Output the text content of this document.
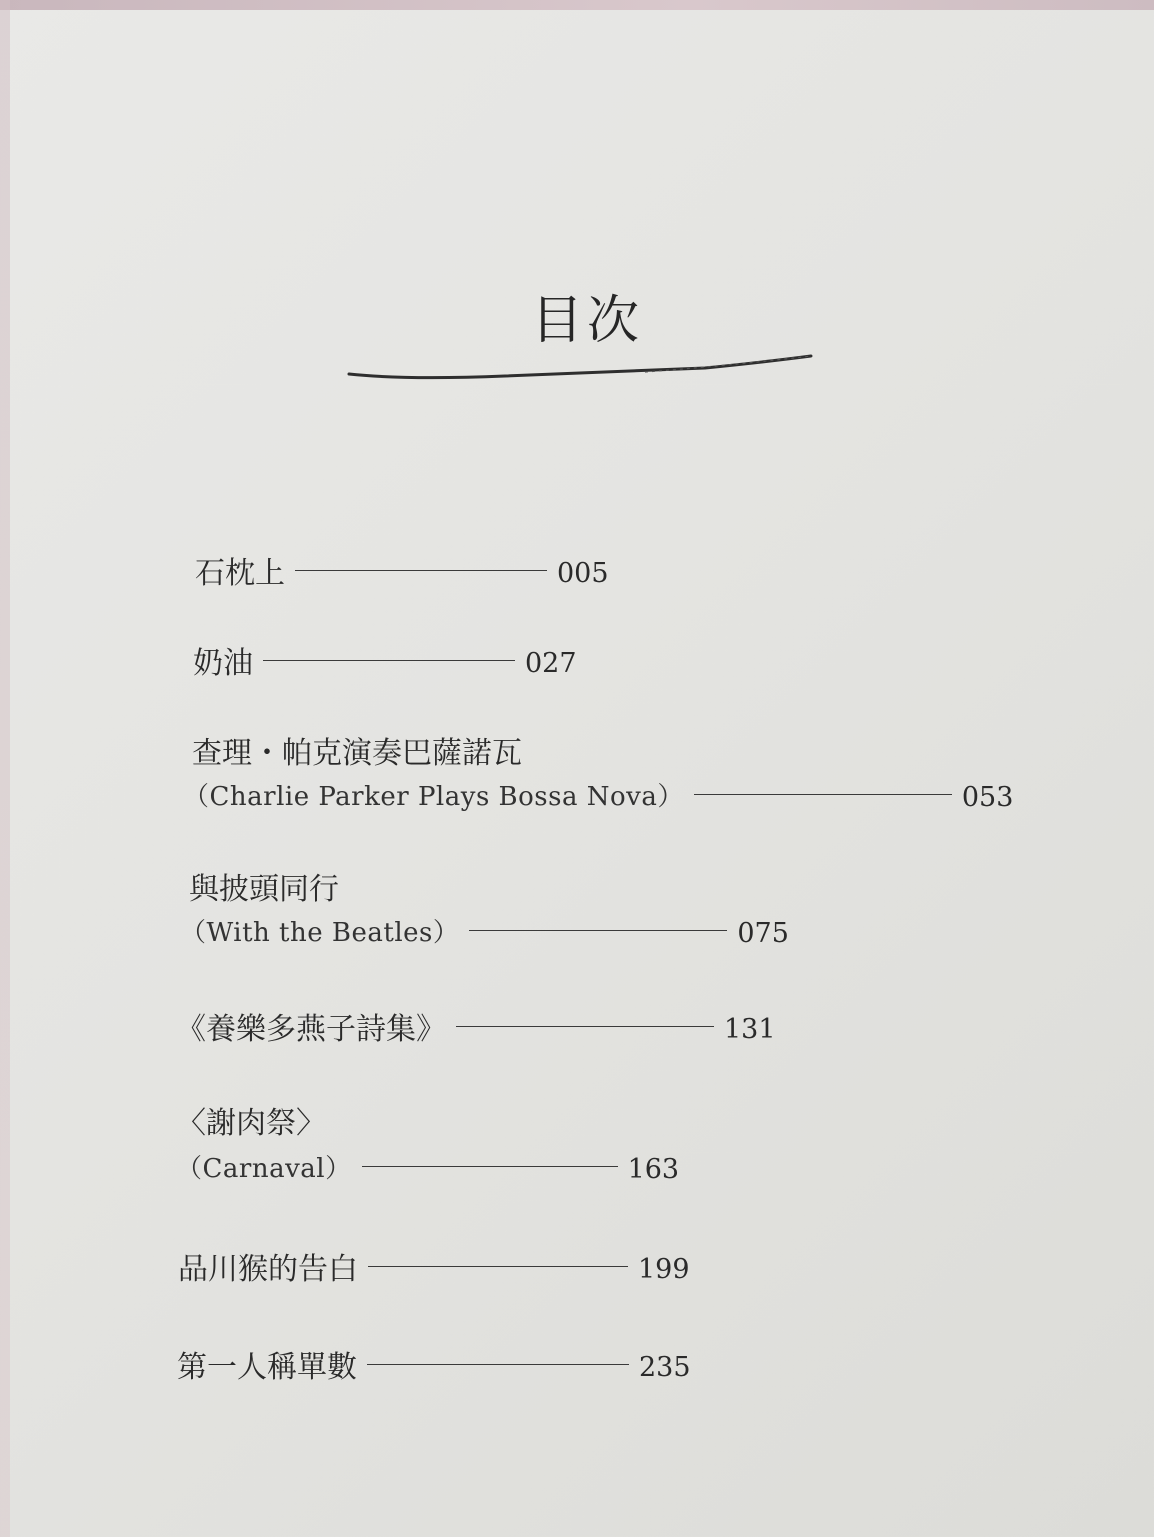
目次
石枕上	005
奶油	027
查理・帕克演奏巴薩諾瓦
（Charlie Parker Plays Bossa Nova）	053
與披頭同行
（With the Beatles）	075
《養樂多燕子詩集》	131
〈謝肉祭〉
（Carnaval）	163
品川猴的告白	199
第一人稱單數	235
